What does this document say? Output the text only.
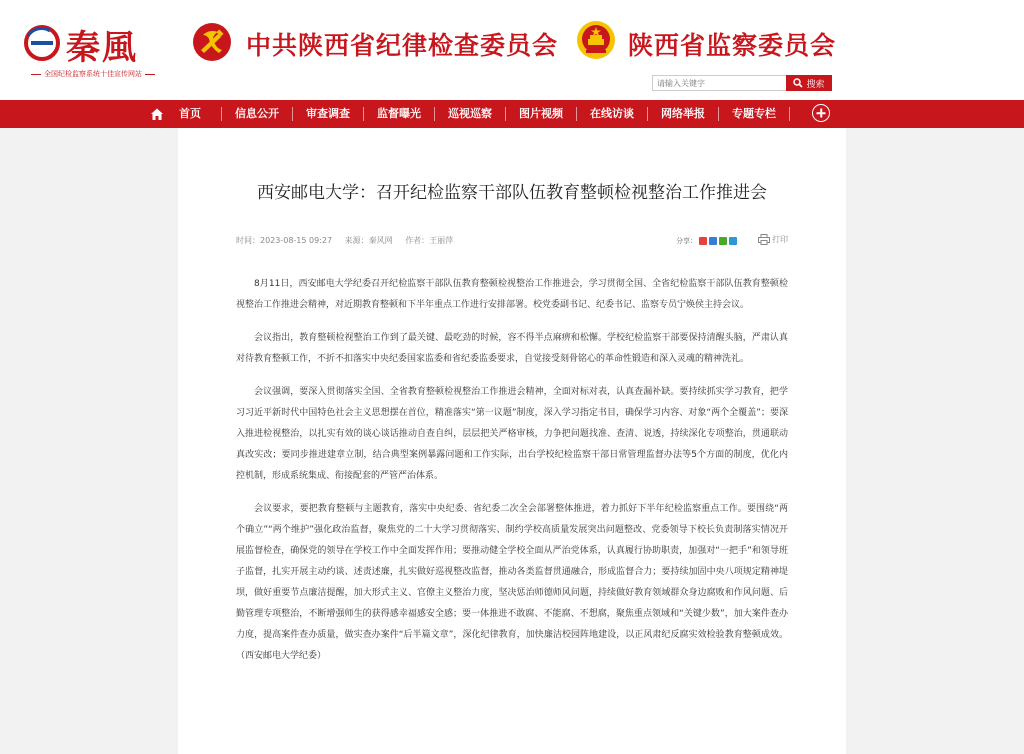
秦風
全国纪检监察系统十佳宣传网站
中共陕西省纪律检查委员会	陕西省监察委员会
请输入关键字
搜索
首页	信息公开	审查调查	监督曝光	巡视巡察	图片视频	在线访谈	网络举报	专题专栏
西安邮电大学：召开纪检监察干部队伍教育整顿检视整治工作推进会
时间：2023-08-15 09:27 来源：秦风网 作者：王丽萍	分享：	打印

8月11日，西安邮电大学纪委召开纪检监察干部队伍教育整顿检视整治工作推进会，学习贯彻全国、全省纪检监察干部队伍教育整顿检视整治工作推进会精神，对近期教育整顿和下半年重点工作进行安排部署。校党委副书记、纪委书记、监察专员宁焕侯主持会议。

会议指出，教育整顿检视整治工作到了最关键、最吃劲的时候，容不得半点麻痹和松懈。学校纪检监察干部要保持清醒头脑，严肃认真对待教育整顿工作，不折不扣落实中央纪委国家监委和省纪委监委要求，自觉接受刻骨铭心的革命性锻造和深入灵魂的精神洗礼。

会议强调，要深入贯彻落实全国、全省教育整顿检视整治工作推进会精神，全面对标对表，认真查漏补缺。要持续抓实学习教育，把学习习近平新时代中国特色社会主义思想摆在首位，精准落实“第一议题”制度，深入学习指定书目，确保学习内容、对象“两个全覆盖”；要深入推进检视整治，以扎实有效的谈心谈话推动自查自纠，层层把关严格审核，力争把问题找准、查清、说透，持续深化专项整治，贯通联动真改实改；要同步推进建章立制，结合典型案例暴露问题和工作实际，出台学校纪检监察干部日常管理监督办法等5个方面的制度，优化内控机制，形成系统集成、衔接配套的严管严治体系。

会议要求，要把教育整顿与主题教育，落实中央纪委、省纪委二次全会部署整体推进，着力抓好下半年纪检监察重点工作。要围绕“两个确立”“两个维护”强化政治监督，聚焦党的二十大学习贯彻落实、制约学校高质量发展突出问题整改、党委领导下校长负责制落实情况开展监督检查，确保党的领导在学校工作中全面发挥作用；要推动健全学校全面从严治党体系，认真履行协助职责，加强对“一把手”和领导班子监督，扎实开展主动约谈、述责述廉，扎实做好巡视整改监督，推动各类监督贯通融合，形成监督合力；要持续加固中央八项规定精神堤坝，做好重要节点廉洁提醒，加大形式主义、官僚主义整治力度，坚决惩治师德师风问题，持续做好教育领域群众身边腐败和作风问题、后勤管理专项整治，不断增强师生的获得感幸福感安全感；要一体推进不敢腐、不能腐、不想腐，聚焦重点领域和“关键少数”，加大案件查办力度，提高案件查办质量，做实查办案件“后半篇文章”，深化纪律教育，加快廉洁校园阵地建设，以正风肃纪反腐实效检验教育整顿成效。（西安邮电大学纪委）
